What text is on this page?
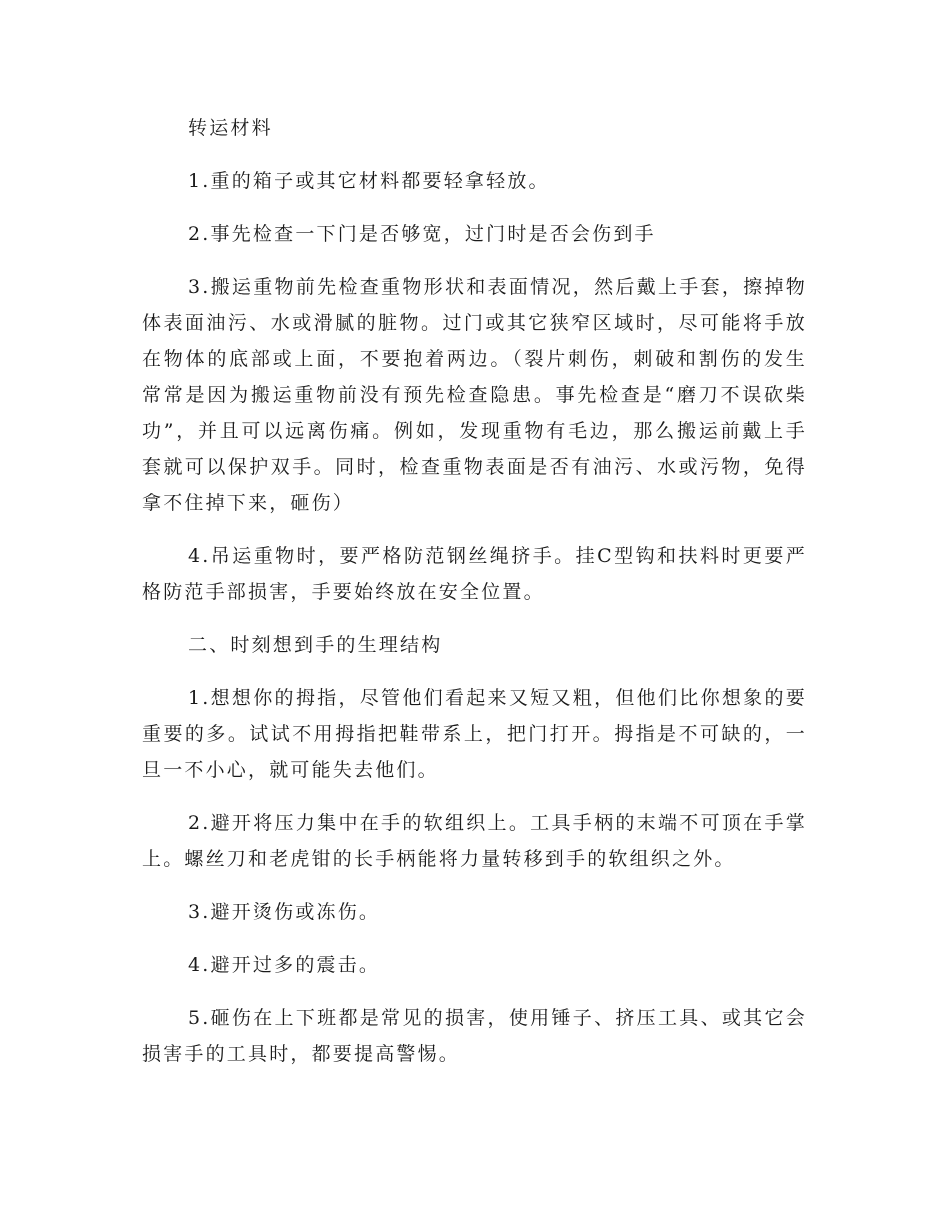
转运材料

1.重的箱子或其它材料都要轻拿轻放。

2.事先检查一下门是否够宽，过门时是否会伤到手

3.搬运重物前先检查重物形状和表面情况，然后戴上手套，擦掉物体表面油污、水或滑腻的脏物。过门或其它狭窄区域时，尽可能将手放在物体的底部或上面，不要抱着两边。（裂片刺伤，刺破和割伤的发生常常是因为搬运重物前没有预先检查隐患。事先检查是“磨刀不误砍柴功”，并且可以远离伤痛。例如，发现重物有毛边，那么搬运前戴上手套就可以保护双手。同时，检查重物表面是否有油污、水或污物，免得拿不住掉下来，砸伤）

4.吊运重物时，要严格防范钢丝绳挤手。挂C型钩和扶料时更要严格防范手部损害，手要始终放在安全位置。

二、时刻想到手的生理结构

1.想想你的拇指，尽管他们看起来又短又粗，但他们比你想象的要重要的多。试试不用拇指把鞋带系上，把门打开。拇指是不可缺的，一旦一不小心，就可能失去他们。

2.避开将压力集中在手的软组织上。工具手柄的末端不可顶在手掌上。螺丝刀和老虎钳的长手柄能将力量转移到手的软组织之外。

3.避开烫伤或冻伤。

4.避开过多的震击。

5.砸伤在上下班都是常见的损害，使用锤子、挤压工具、或其它会损害手的工具时，都要提高警惕。
